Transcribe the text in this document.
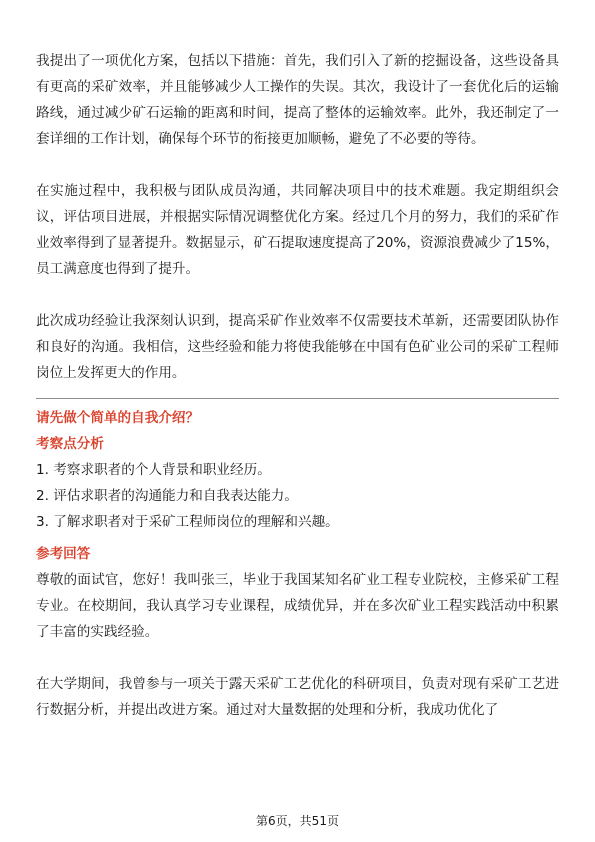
我提出了一项优化方案，包括以下措施：首先，我们引入了新的挖掘设备，这些设备具有更高的采矿效率，并且能够减少人工操作的失误。其次，我设计了一套优化后的运输路线，通过减少矿石运输的距离和时间，提高了整体的运输效率。此外，我还制定了一套详细的工作计划，确保每个环节的衔接更加顺畅，避免了不必要的等待。

在实施过程中，我积极与团队成员沟通，共同解决项目中的技术难题。我定期组织会议，评估项目进展，并根据实际情况调整优化方案。经过几个月的努力，我们的采矿作业效率得到了显著提升。数据显示，矿石提取速度提高了20%，资源浪费减少了15%，员工满意度也得到了提升。

此次成功经验让我深刻认识到，提高采矿作业效率不仅需要技术革新，还需要团队协作和良好的沟通。我相信，这些经验和能力将使我能够在中国有色矿业公司的采矿工程师岗位上发挥更大的作用。

请先做个简单的自我介绍？

考察点分析

1. 考察求职者的个人背景和职业经历。
2. 评估求职者的沟通能力和自我表达能力。
3. 了解求职者对于采矿工程师岗位的理解和兴趣。

参考回答

尊敬的面试官，您好！我叫张三，毕业于我国某知名矿业工程专业院校，主修采矿工程专业。在校期间，我认真学习专业课程，成绩优异，并在多次矿业工程实践活动中积累了丰富的实践经验。

在大学期间，我曾参与一项关于露天采矿工艺优化的科研项目，负责对现有采矿工艺进行数据分析，并提出改进方案。通过对大量数据的处理和分析，我成功优化了

第6页，共51页
